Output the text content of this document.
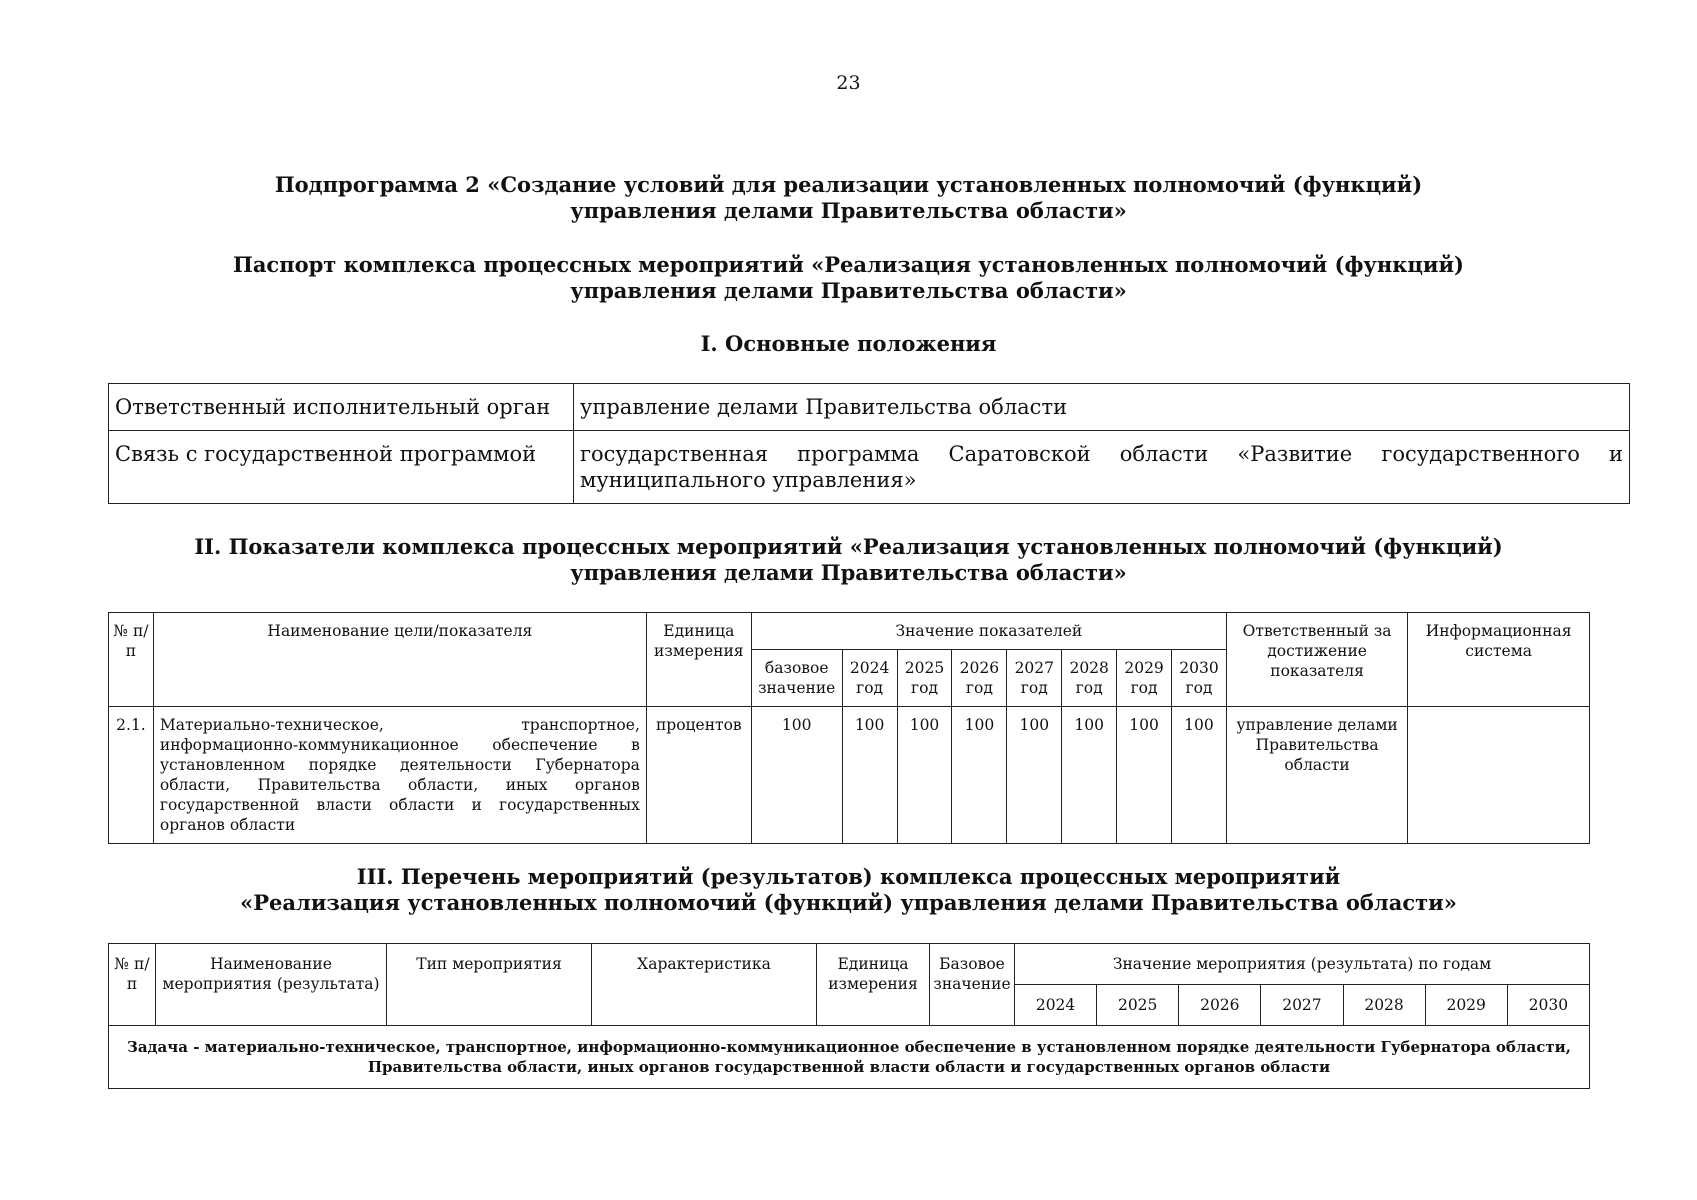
23
Подпрограмма 2 «Создание условий для реализации установленных полномочий (функций)
управления делами Правительства области»
Паспорт комплекса процессных мероприятий «Реализация установленных полномочий (функций)
управления делами Правительства области»
I. Основные положения
Ответственный исполнительный орган	управление делами Правительства области
Связь с государственной программой	государственная программа Саратовской области «Развитие государственного и муниципального управления»
II. Показатели комплекса процессных мероприятий «Реализация установленных полномочий (функций)
управления делами Правительства области»
№ п/п	Наименование цели/показателя	Единица измерения	Значение показателей								Ответственный за достижение показателя	Информационная система
			базовое значение	2024 год	2025 год	2026 год	2027 год	2028 год	2029 год	2030 год		
2.1.	Материально-техническое, транспортное, информационно-коммуникационное обеспечение в установленном порядке деятельности Губернатора области, Правительства области, иных органов государственной власти области и государственных органов области	процентов	100	100	100	100	100	100	100	100	управление делами Правительства области	
III. Перечень мероприятий (результатов) комплекса процессных мероприятий
«Реализация установленных полномочий (функций) управления делами Правительства области»
№ п/п	Наименование мероприятия (результата)	Тип мероприятия	Характеристика	Единица измерения	Базовое значение	Значение мероприятия (результата) по годам						
						2024	2025	2026	2027	2028	2029	2030
Задача - материально-техническое, транспортное, информационно-коммуникационное обеспечение в установленном порядке деятельности Губернатора области, Правительства области, иных органов государственной власти области и государственных органов области												
